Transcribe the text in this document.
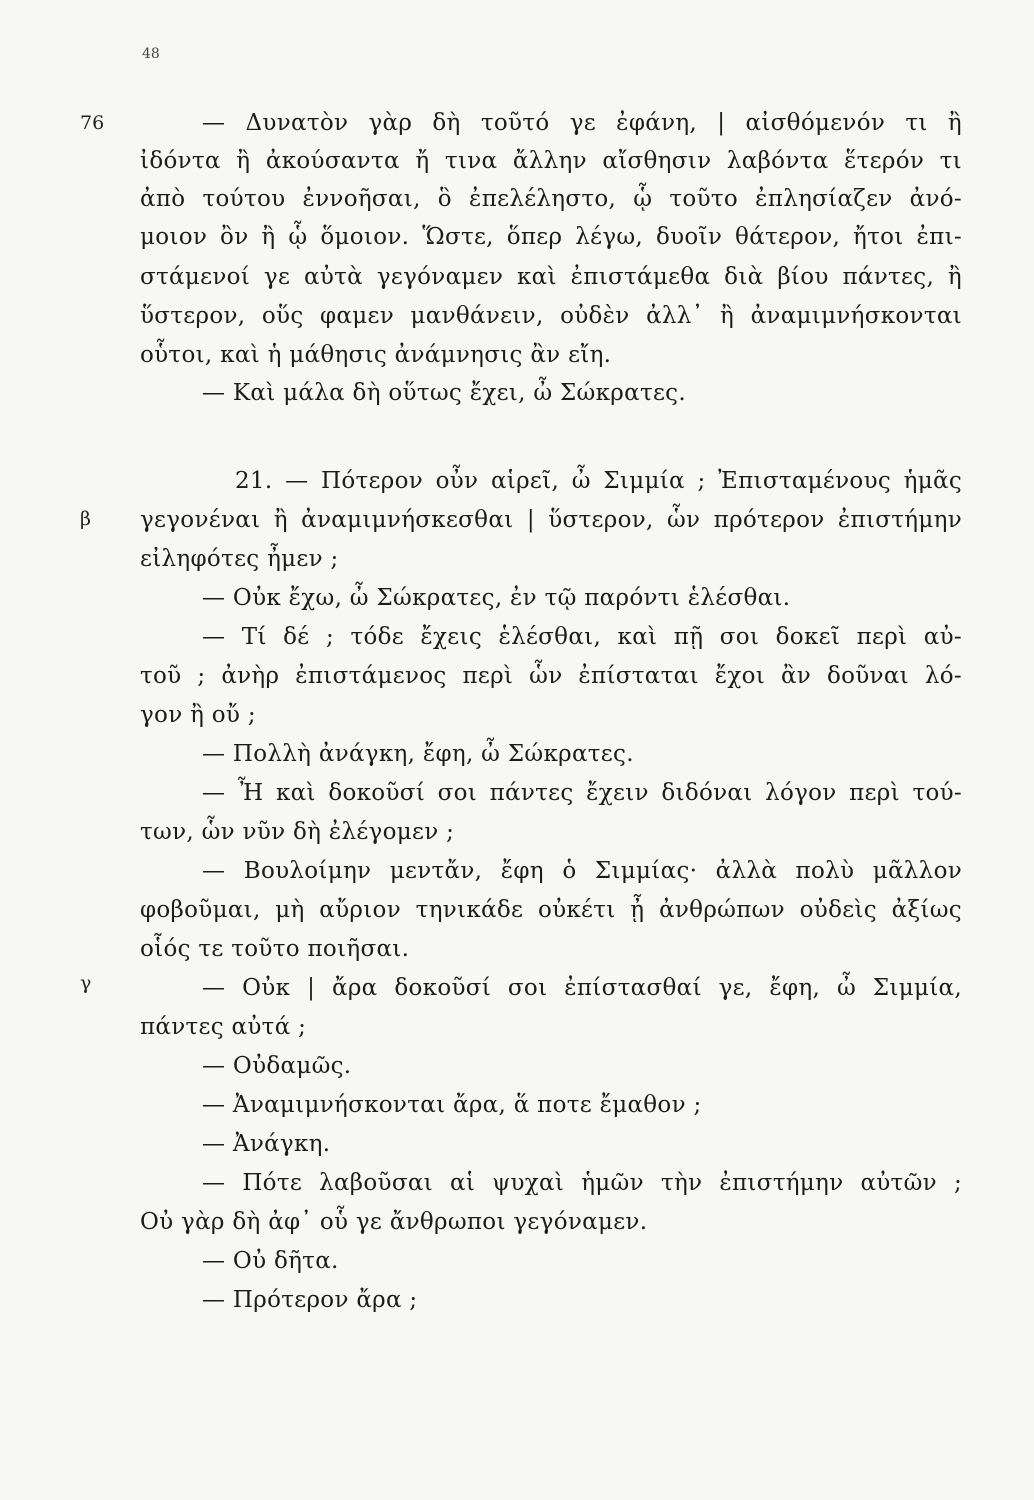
48
76
β
γ
— Δυνατὸν γὰρ δὴ τοῦτό γε ἐφάνη, | αἰσθόμενόν τι ἢ
ἰδόντα ἢ ἀκούσαντα ἤ τινα ἄλλην αἴσθησιν λαβόντα ἕτερόν τι
ἀπὸ τούτου ἐννοῆσαι, ὃ ἐπελέληστο, ᾧ τοῦτο ἐπλησίαζεν ἀνό-
μοιον ὂν ἢ ᾧ ὅμοιον. Ὥστε, ὅπερ λέγω, δυοῖν θάτερον, ἤτοι ἐπι-
στάμενοί γε αὐτὰ γεγόναμεν καὶ ἐπιστάμεθα διὰ βίου πάντες, ἢ
ὕστερον, οὕς φαμεν μανθάνειν, οὐδὲν ἀλλ᾽ ἢ ἀναμιμνήσκονται
οὗτοι, καὶ ἡ μάθησις ἀνάμνησις ἂν εἴη.
— Καὶ μάλα δὴ οὕτως ἔχει, ὦ Σώκρατες.
21. — Πότερον οὖν αἱρεῖ, ὦ Σιμμία ; Ἐπισταμένους ἡμᾶς
γεγονέναι ἢ ἀναμιμνήσκεσθαι | ὕστερον, ὧν πρότερον ἐπιστήμην
εἰληφότες ἦμεν ;
— Οὐκ ἔχω, ὦ Σώκρατες, ἐν τῷ παρόντι ἑλέσθαι.
— Τί δέ ; τόδε ἔχεις ἑλέσθαι, καὶ πῇ σοι δοκεῖ περὶ αὐ-
τοῦ ; ἀνὴρ ἐπιστάμενος περὶ ὧν ἐπίσταται ἔχοι ἂν δοῦναι λό-
γον ἢ οὔ ;
— Πολλὴ ἀνάγκη, ἔφη, ὦ Σώκρατες.
— Ἦ καὶ δοκοῦσί σοι πάντες ἔχειν διδόναι λόγον περὶ τού-
των, ὧν νῦν δὴ ἐλέγομεν ;
— Βουλοίμην μεντἄν, ἔφη ὁ Σιμμίας· ἀλλὰ πολὺ μᾶλλον
φοβοῦμαι, μὴ αὔριον τηνικάδε οὐκέτι ᾖ ἀνθρώπων οὐδεὶς ἀξίως
οἷός τε τοῦτο ποιῆσαι.
— Οὐκ | ἄρα δοκοῦσί σοι ἐπίστασθαί γε, ἔφη, ὦ Σιμμία,
πάντες αὐτά ;
— Οὐδαμῶς.
— Ἀναμιμνήσκονται ἄρα, ἅ ποτε ἔμαθον ;
— Ἀνάγκη.
— Πότε λαβοῦσαι αἱ ψυχαὶ ἡμῶν τὴν ἐπιστήμην αὐτῶν ;
Οὐ γὰρ δὴ ἀφ᾽ οὗ γε ἄνθρωποι γεγόναμεν.
— Οὐ δῆτα.
— Πρότερον ἄρα ;
